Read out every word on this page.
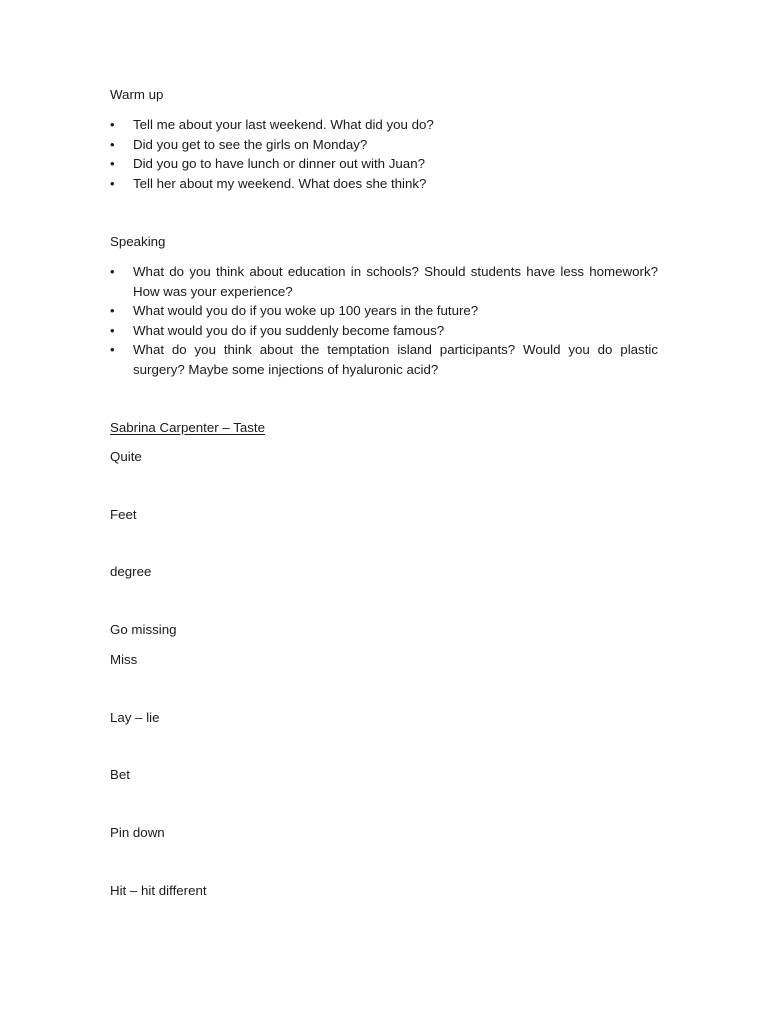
Warm up
• Tell me about your last weekend. What did you do?
• Did you get to see the girls on Monday?
• Did you go to have lunch or dinner out with Juan?
• Tell her about my weekend. What does she think?
Speaking
• What do you think about education in schools? Should students have less homework? How was your experience?
• What would you do if you woke up 100 years in the future?
• What would you do if you suddenly become famous?
• What do you think about the temptation island participants? Would you do plastic surgery? Maybe some injections of hyaluronic acid?
Sabrina Carpenter – Taste
Quite
Feet
degree
Go missing
Miss
Lay – lie
Bet
Pin down
Hit – hit different
